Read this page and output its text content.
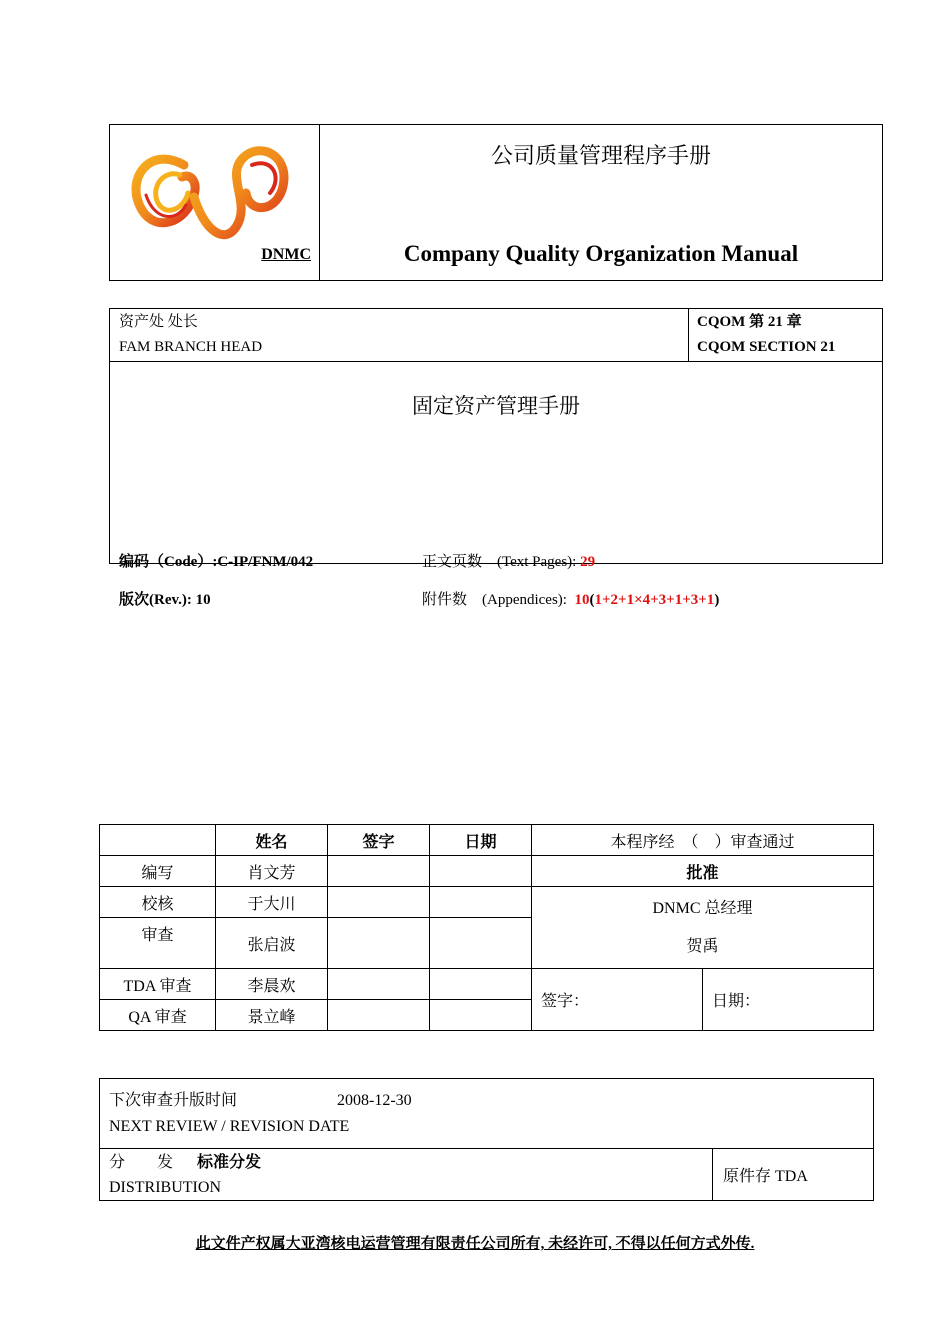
DNMC

公司质量管理程序手册
Company Quality Organization Manual
资产处 处长
FAM BRANCH HEAD

CQOM 第 21 章
CQOM SECTION 21

固定资产管理手册
编码（Code）:C-IP/FNM/042
版次(Rev.): 10
正文页数　(Text Pages): 29
附件数　(Appendices): 10(1+2+1×4+3+1+3+1)
	姓名	签字	日期	本程序经　（　）审查通过	
编写	肖文芳			批准	
校核	于大川			DNMC 总经理
贺禹	

审查	张启波				
TDA 审查	李晨欢			签字：	日期：
QA 审查	景立峰				
下次审查升版时间	2008-12-30
NEXT REVIEW / REVISION DATE

分　　发 标准分发
DISTRIBUTION
	原件存 TDA
此文件产权属大亚湾核电运营管理有限责任公司所有, 未经许可, 不得以任何方式外传.
